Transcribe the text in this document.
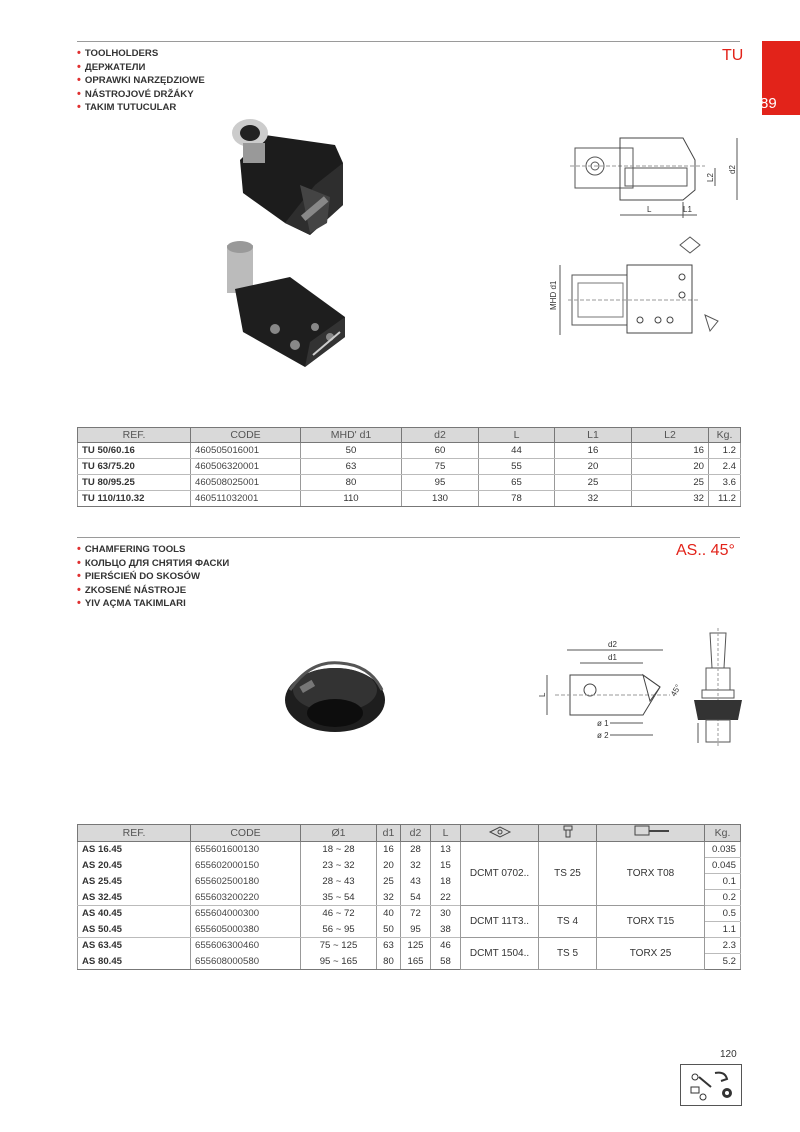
89
• TOOLHOLDERS
• ДЕРЖАТЕЛИ
• OPRAWKI NARZĘDZIOWE
• NÁSTROJOVÉ DRŽÁKY
• TAKIM TUTUCULAR
TU
L	L1
L2
d2
MHD d1
REF.	CODE	MHD' d1	d2	L	L1	L2	Kg.
TU 50/60.16	460505016001	50	60	44	16	16	1.2
TU 63/75.20	460506320001	63	75	55	20	20	2.4
TU 80/95.25	460508025001	80	95	65	25	25	3.6
TU 110/110.32	460511032001	110	130	78	32	32	11.2
• CHAMFERING TOOLS
• КОЛЬЦО ДЛЯ СНЯТИЯ ФАСКИ
• PIERŚCIEŃ DO SKOSÓW
• ZKOSENÉ NÁSTROJE
• YIV AÇMA TAKIMLARI
AS.. 45°
d2
d1
L	45°
ø 1
ø 2
REF.	CODE	Ø1	d1	d2	L				Kg.
AS 16.45	655601600130	18 ~ 28	16	28	13	DCMT 0702..	TS 25	TORX T08	0.035
AS 20.45	655602000150	23 ~ 32	20	32	15				0.045
AS 25.45	655602500180	28 ~ 43	25	43	18				0.1
AS 32.45	655603200220	35 ~ 54	32	54	22				0.2
AS 40.45	655604000300	46 ~ 72	40	72	30	DCMT 11T3..	TS 4	TORX T15	0.5
AS 50.45	655605000380	56 ~ 95	50	95	38				1.1
AS 63.45	655606300460	75 ~ 125	63	125	46	DCMT 1504..	TS 5	TORX 25	2.3
AS 80.45	655608000580	95 ~ 165	80	165	58				5.2
120
